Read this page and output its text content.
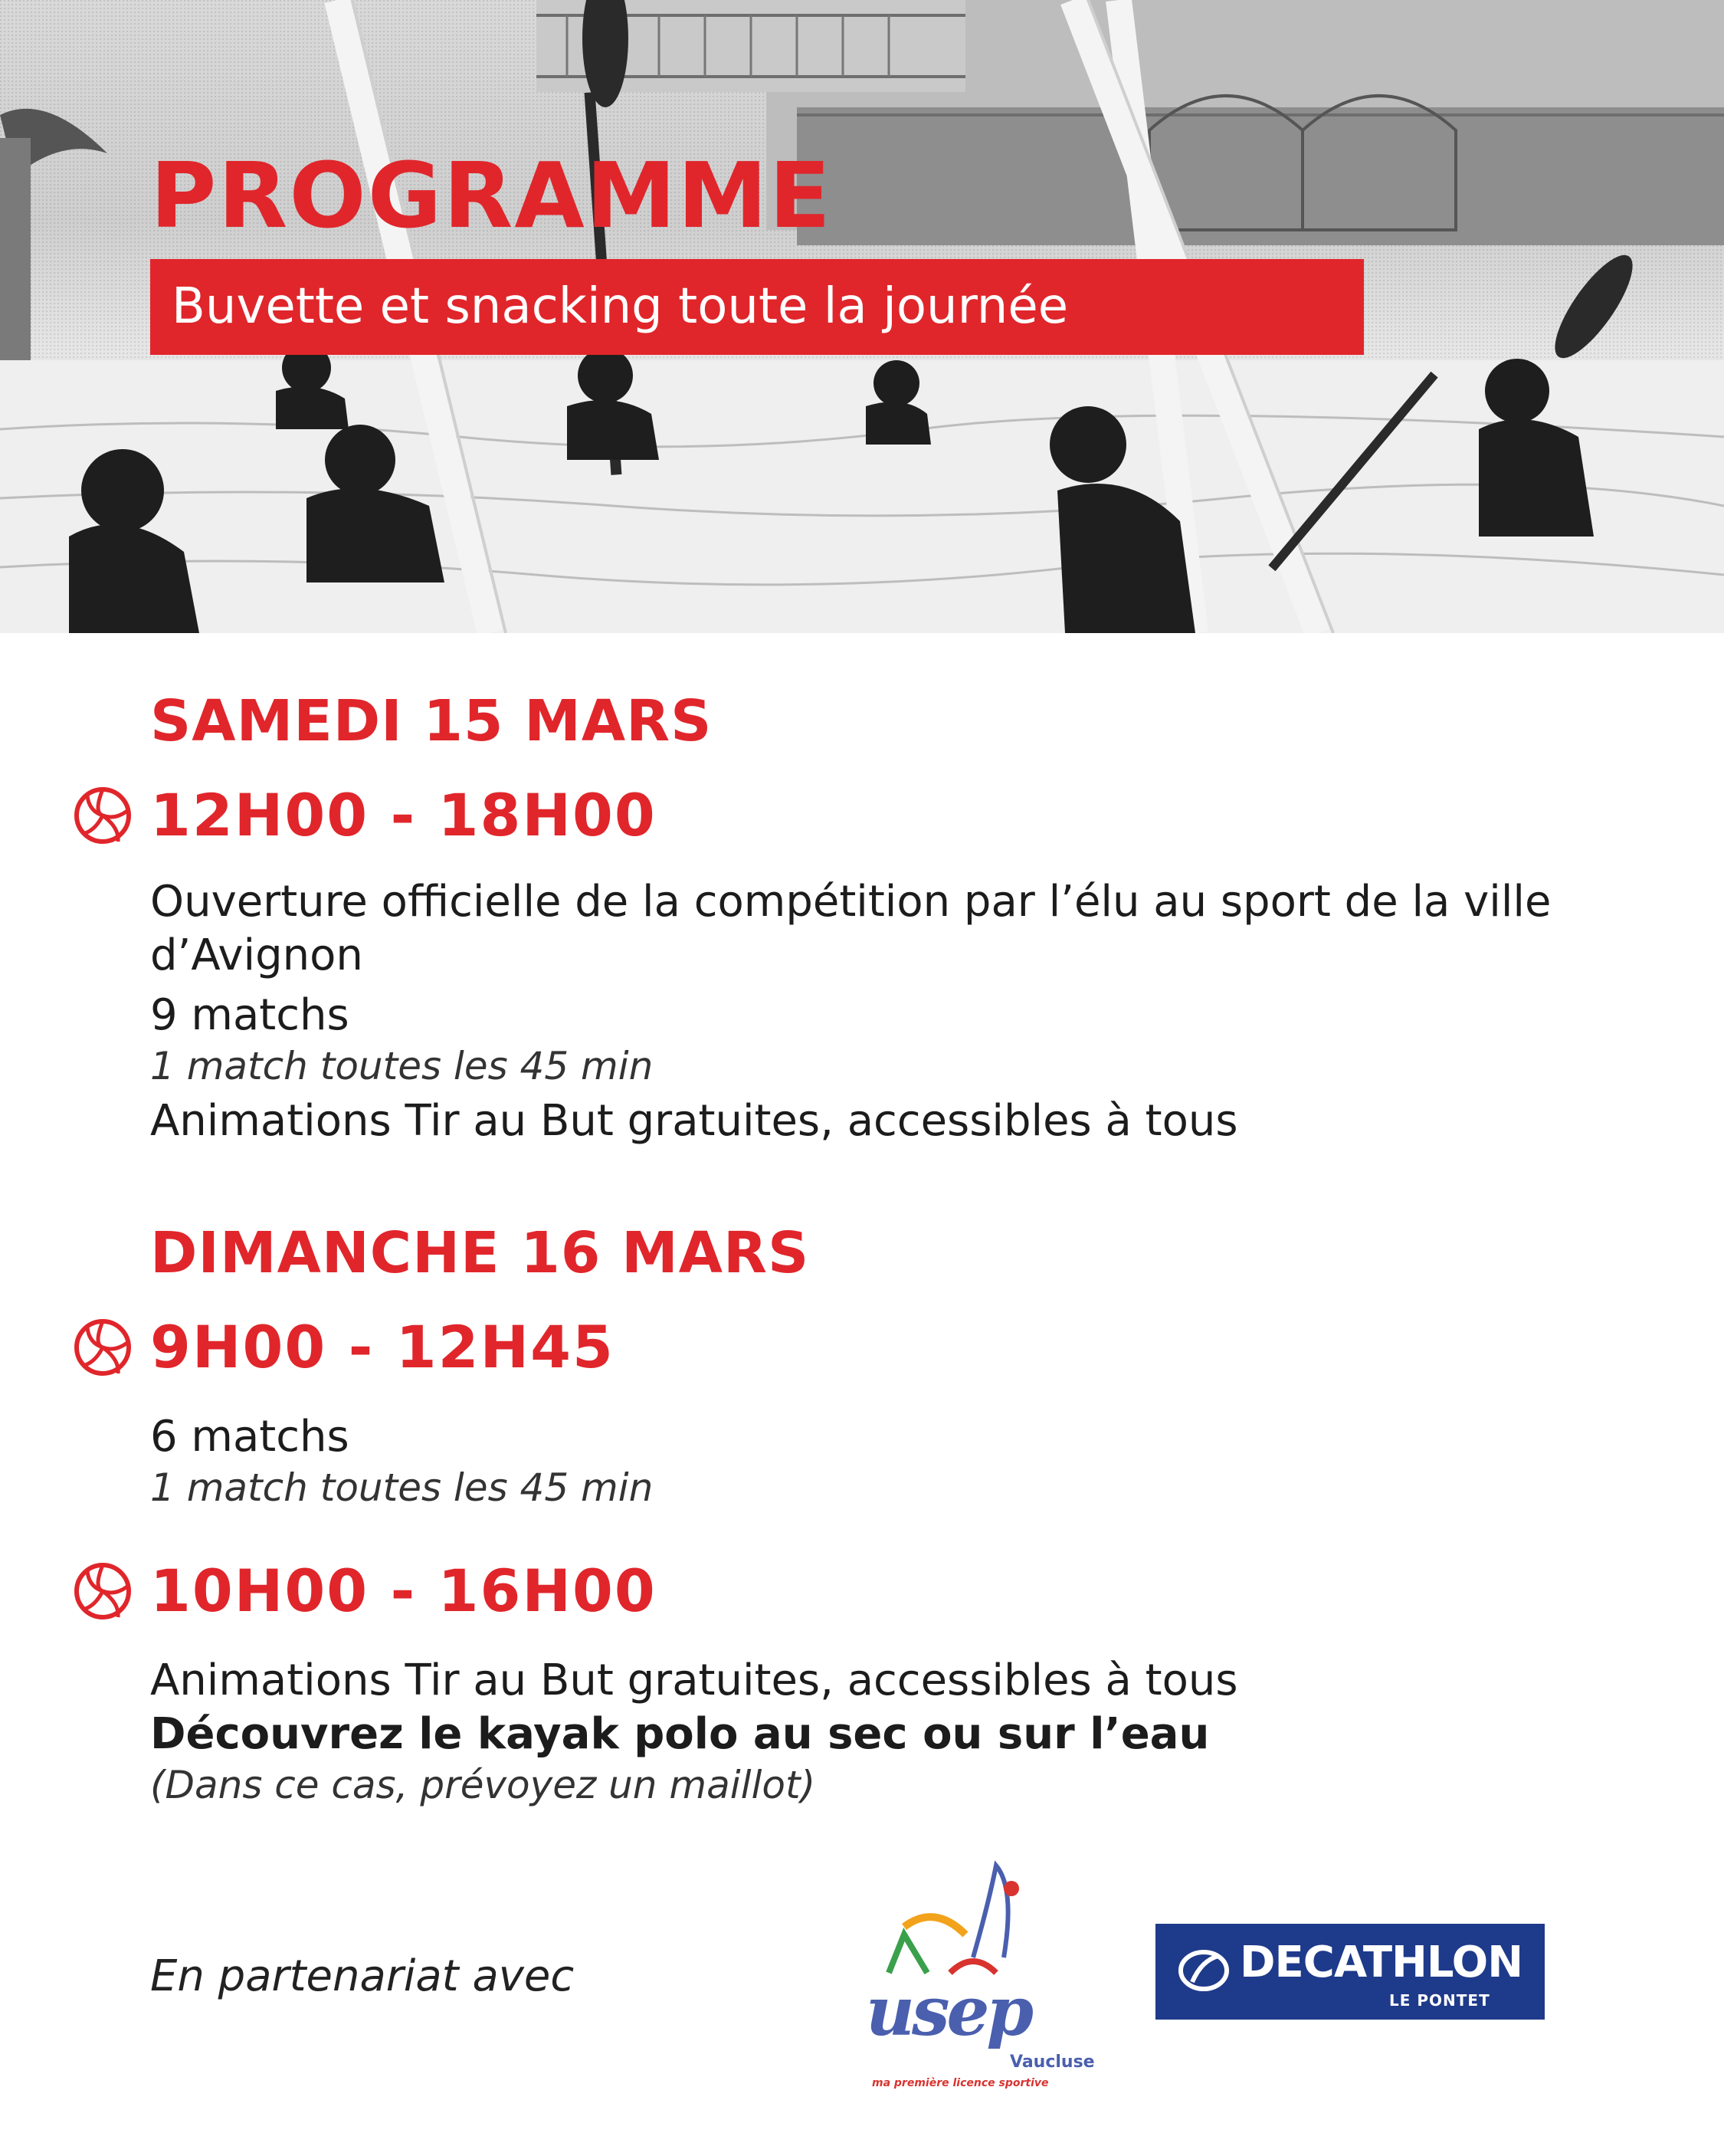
PROGRAMME
Buvette et snacking toute la journée
SAMEDI 15 MARS
12H00 - 18H00
Ouverture officielle de la compétition par l’élu au sport de la ville d’Avignon
9 matchs
1 match toutes les 45 min
Animations Tir au But gratuites, accessibles à tous
DIMANCHE 16 MARS
9H00 - 12H45
6 matchs
1 match toutes les 45 min
10H00 - 16H00
Animations Tir au But gratuites, accessibles à tous
Découvrez le kayak polo au sec ou sur l’eau
(Dans ce cas, prévoyez un maillot)
En partenariat avec	usep
Vaucluse
ma première licence sportive
DECATHLON
LE PONTET
